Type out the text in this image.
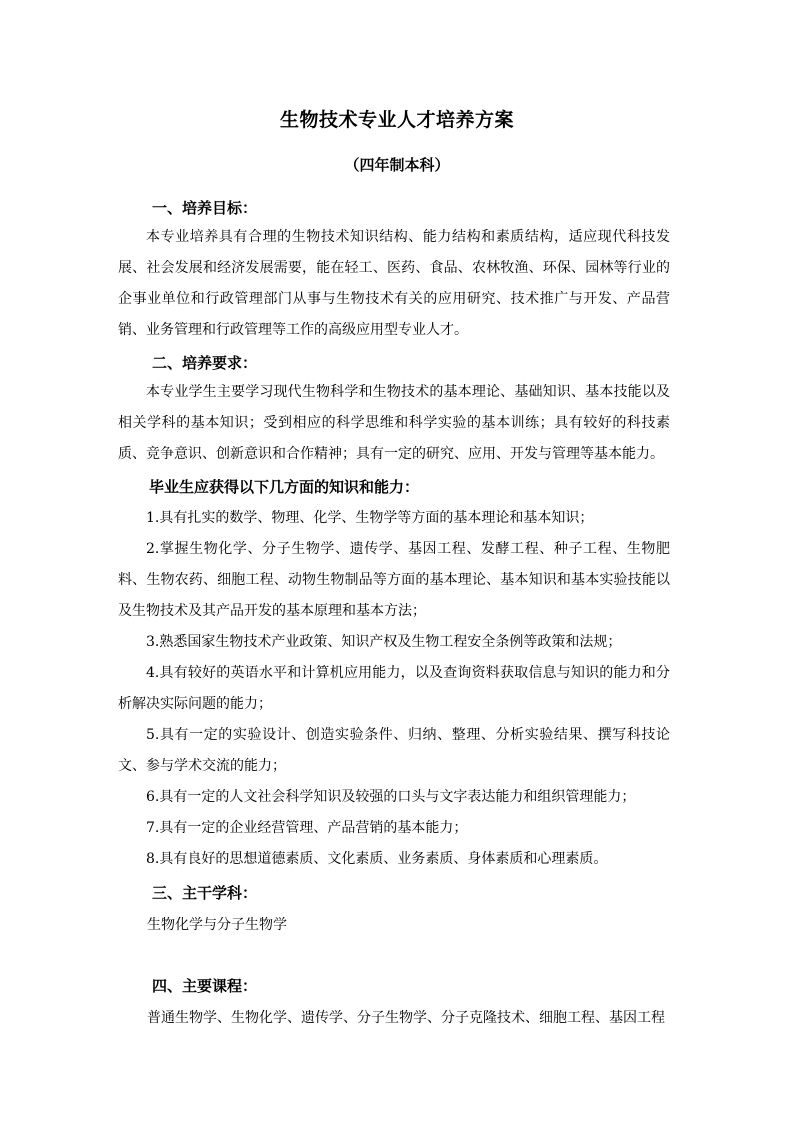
生物技术专业人才培养方案
（四年制本科）
一、培养目标：

本专业培养具有合理的生物技术知识结构、能力结构和素质结构，适应现代科技发展、社会发展和经济发展需要，能在轻工、医药、食品、农林牧渔、环保、园林等行业的企事业单位和行政管理部门从事与生物技术有关的应用研究、技术推广与开发、产品营销、业务管理和行政管理等工作的高级应用型专业人才。

二、培养要求：

本专业学生主要学习现代生物科学和生物技术的基本理论、基础知识、基本技能以及相关学科的基本知识；受到相应的科学思维和科学实验的基本训练；具有较好的科技素质、竞争意识、创新意识和合作精神；具有一定的研究、应用、开发与管理等基本能力。

毕业生应获得以下几方面的知识和能力：

1.具有扎实的数学、物理、化学、生物学等方面的基本理论和基本知识；

2.掌握生物化学、分子生物学、遗传学、基因工程、发酵工程、种子工程、生物肥料、生物农药、细胞工程、动物生物制品等方面的基本理论、基本知识和基本实验技能以及生物技术及其产品开发的基本原理和基本方法；

3.熟悉国家生物技术产业政策、知识产权及生物工程安全条例等政策和法规；

4.具有较好的英语水平和计算机应用能力，以及查询资料获取信息与知识的能力和分析解决实际问题的能力；

5.具有一定的实验设计、创造实验条件、归纳、整理、分析实验结果、撰写科技论文、参与学术交流的能力；

6.具有一定的人文社会科学知识及较强的口头与文字表达能力和组织管理能力；

7.具有一定的企业经营管理、产品营销的基本能力；

8.具有良好的思想道德素质、文化素质、业务素质、身体素质和心理素质。

三、主干学科：
生物化学与分子生物学
四、主要课程：
普通生物学、生物化学、遗传学、分子生物学、分子克隆技术、细胞工程、基因工程
